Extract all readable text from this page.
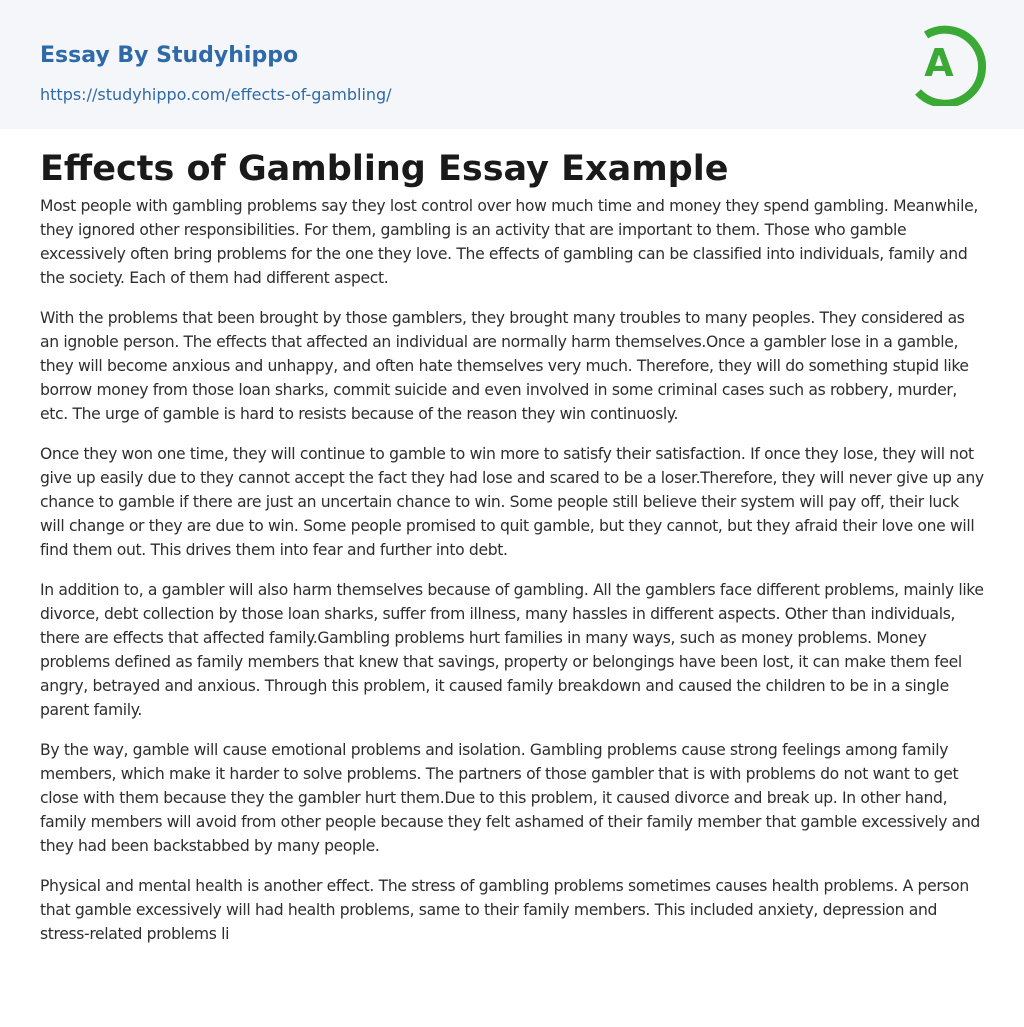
Essay By Studyhippo
https://studyhippo.com/effects-of-gambling/
A
Effects of Gambling Essay Example

Most people with gambling problems say they lost control over how much time and money they spend gambling. Meanwhile, they ignored other responsibilities. For them, gambling is an activity that are important to them. Those who gamble excessively often bring problems for the one they love. The effects of gambling can be classified into individuals, family and the society. Each of them had different aspect.

With the problems that been brought by those gamblers, they brought many troubles to many peoples. They considered as an ignoble person. The effects that affected an individual are normally harm themselves.Once a gambler lose in a gamble, they will become anxious and unhappy, and often hate themselves very much. Therefore, they will do something stupid like borrow money from those loan sharks, commit suicide and even involved in some criminal cases such as robbery, murder, etc. The urge of gamble is hard to resists because of the reason they win continuosly.

Once they won one time, they will continue to gamble to win more to satisfy their satisfaction. If once they lose, they will not give up easily due to they cannot accept the fact they had lose and scared to be a loser.Therefore, they will never give up any chance to gamble if there are just an uncertain chance to win. Some people still believe their system will pay off, their luck will change or they are due to win. Some people promised to quit gamble, but they cannot, but they afraid their love one will find them out. This drives them into fear and further into debt.

In addition to, a gambler will also harm themselves because of gambling. All the gamblers face different problems, mainly like divorce, debt collection by those loan sharks, suffer from illness, many hassles in different aspects. Other than individuals, there are effects that affected family.Gambling problems hurt families in many ways, such as money problems. Money problems defined as family members that knew that savings, property or belongings have been lost, it can make them feel angry, betrayed and anxious. Through this problem, it caused family breakdown and caused the children to be in a single parent family.

By the way, gamble will cause emotional problems and isolation. Gambling problems cause strong feelings among family members, which make it harder to solve problems. The partners of those gambler that is with problems do not want to get close with them because they the gambler hurt them.Due to this problem, it caused divorce and break up. In other hand, family members will avoid from other people because they felt ashamed of their family member that gamble excessively and they had been backstabbed by many people.

Physical and mental health is another effect. The stress of gambling problems sometimes causes health problems. A person that gamble excessively will had health problems, same to their family members. This included anxiety, depression and stress-related problems li
